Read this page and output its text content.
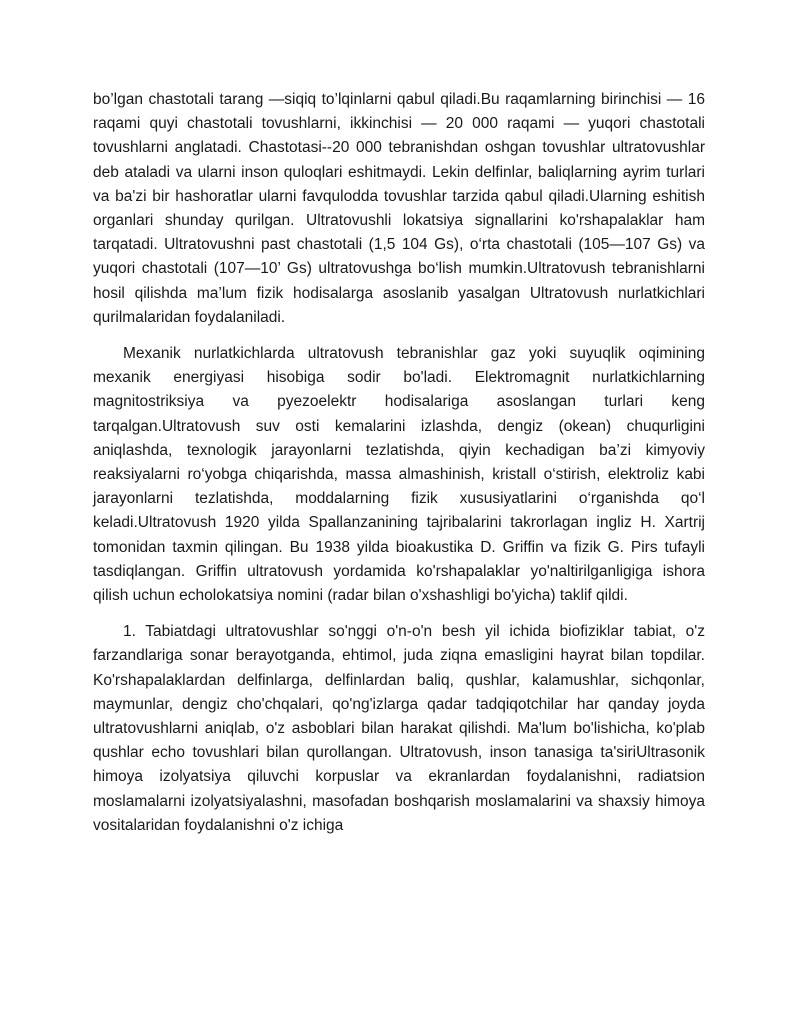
bo’lgan chastotali tarang —siqiq to’lqinlarni qabul qiladi.Bu raqamlarning birinchisi — 16 raqami quyi chastotali tovushlarni, ikkinchisi — 20 000 raqami — yuqori chastotali tovushlarni anglatadi. Chastotasi--20 000 tebranishdan oshgan tovushlar ultratovushlar deb ataladi va ularni inson quloqlari eshitmaydi. Lekin delfinlar, baliqlarning ayrim turlari va ba'zi bir hashoratlar ularni favqulodda tovushlar tarzida qabul qiladi.Ularning eshitish organlari shunday qurilgan. Ultratovushli lokatsiya signallarini ko'rshapalaklar ham tarqatadi. Ultratovushni past chastotali (1,5 104 Gs), o‘rta chastotali (105—107 Gs) va yuqori chastotali (107—10’ Gs) ultratovushga bo‘lish mumkin.Ultratovush tebranishlarni hosil qilishda ma’lum fizik hodisalarga asoslanib yasalgan Ultratovush nurlatkichlari qurilmalaridan foydalaniladi.

Mexanik nurlatkichlarda ultratovush tebranishlar gaz yoki suyuqlik oqimining mexanik energiyasi hisobiga sodir bo'ladi. Elektromagnit nurlatkichlarning magnitostriksiya va pyezoelektr hodisalariga asoslangan turlari keng tarqalgan.Ultratovush suv osti kemalarini izlashda, dengiz (okean) chuqurligini aniqlashda, texnologik jarayonlarni tezlatishda, qiyin kechadigan ba’zi kimyoviy reaksiyalarni ro‘yobga chiqarishda, massa almashinish, kristall o‘stirish, elektroliz kabi jarayonlarni tezlatishda, moddalarning fizik xususiyatlarini o‘rganishda qo‘l keladi.Ultratovush 1920 yilda Spallanzanining tajribalarini takrorlagan ingliz H. Xartrij tomonidan taxmin qilingan. Bu 1938 yilda bioakustika D. Griffin va fizik G. Pirs tufayli tasdiqlangan. Griffin ultratovush yordamida ko'rshapalaklar yo'naltirilganligiga ishora qilish uchun echolokatsiya nomini (radar bilan o'xshashligi bo'yicha) taklif qildi.

1. Tabiatdagi ultratovushlar so'nggi o'n-o'n besh yil ichida biofiziklar tabiat, o'z farzandlariga sonar berayotganda, ehtimol, juda ziqna emasligini hayrat bilan topdilar. Ko'rshapalaklardan delfinlarga, delfinlardan baliq, qushlar, kalamushlar, sichqonlar, maymunlar, dengiz cho'chqalari, qo'ng'izlarga qadar tadqiqotchilar har qanday joyda ultratovushlarni aniqlab, o'z asboblari bilan harakat qilishdi. Ma'lum bo'lishicha, ko'plab qushlar echo tovushlari bilan qurollangan. Ultratovush, inson tanasiga ta'siriUltrasonik himoya izolyatsiya qiluvchi korpuslar va ekranlardan foydalanishni, radiatsion moslamalarni izolyatsiyalashni, masofadan boshqarish moslamalarini va shaxsiy himoya vositalaridan foydalanishni o'z ichiga
